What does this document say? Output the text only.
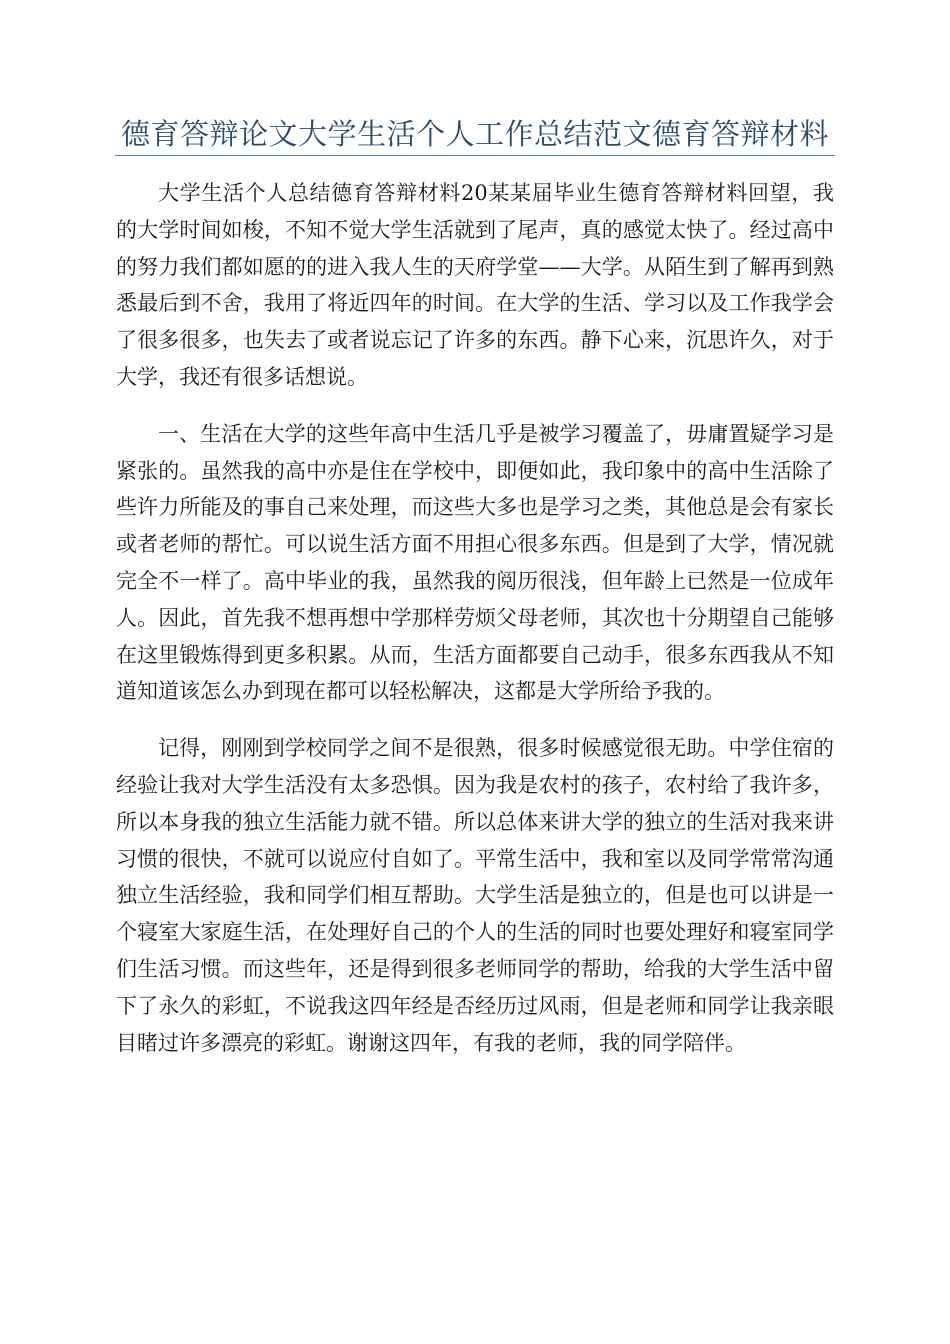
德育答辩论文大学生活个人工作总结范文德育答辩材料

大学生活个人总结德育答辩材料20某某届毕业生德育答辩材料回望，我的大学时间如梭，不知不觉大学生活就到了尾声，真的感觉太快了。经过高中的努力我们都如愿的的进入我人生的天府学堂——大学。从陌生到了解再到熟悉最后到不舍，我用了将近四年的时间。在大学的生活、学习以及工作我学会了很多很多，也失去了或者说忘记了许多的东西。静下心来，沉思许久，对于大学，我还有很多话想说。

一、生活在大学的这些年高中生活几乎是被学习覆盖了，毋庸置疑学习是紧张的。虽然我的高中亦是住在学校中，即便如此，我印象中的高中生活除了些许力所能及的事自己来处理，而这些大多也是学习之类，其他总是会有家长或者老师的帮忙。可以说生活方面不用担心很多东西。但是到了大学，情况就完全不一样了。高中毕业的我，虽然我的阅历很浅，但年龄上已然是一位成年人。因此，首先我不想再想中学那样劳烦父母老师，其次也十分期望自己能够在这里锻炼得到更多积累。从而，生活方面都要自己动手，很多东西我从不知道知道该怎么办到现在都可以轻松解决，这都是大学所给予我的。

记得，刚刚到学校同学之间不是很熟，很多时候感觉很无助。中学住宿的经验让我对大学生活没有太多恐惧。因为我是农村的孩子，农村给了我许多，所以本身我的独立生活能力就不错。所以总体来讲大学的独立的生活对我来讲习惯的很快，不就可以说应付自如了。平常生活中，我和室以及同学常常沟通独立生活经验，我和同学们相互帮助。大学生活是独立的，但是也可以讲是一个寝室大家庭生活，在处理好自己的个人的生活的同时也要处理好和寝室同学们生活习惯。而这些年，还是得到很多老师同学的帮助，给我的大学生活中留下了永久的彩虹，不说我这四年经是否经历过风雨，但是老师和同学让我亲眼目睹过许多漂亮的彩虹。谢谢这四年，有我的老师，我的同学陪伴。
